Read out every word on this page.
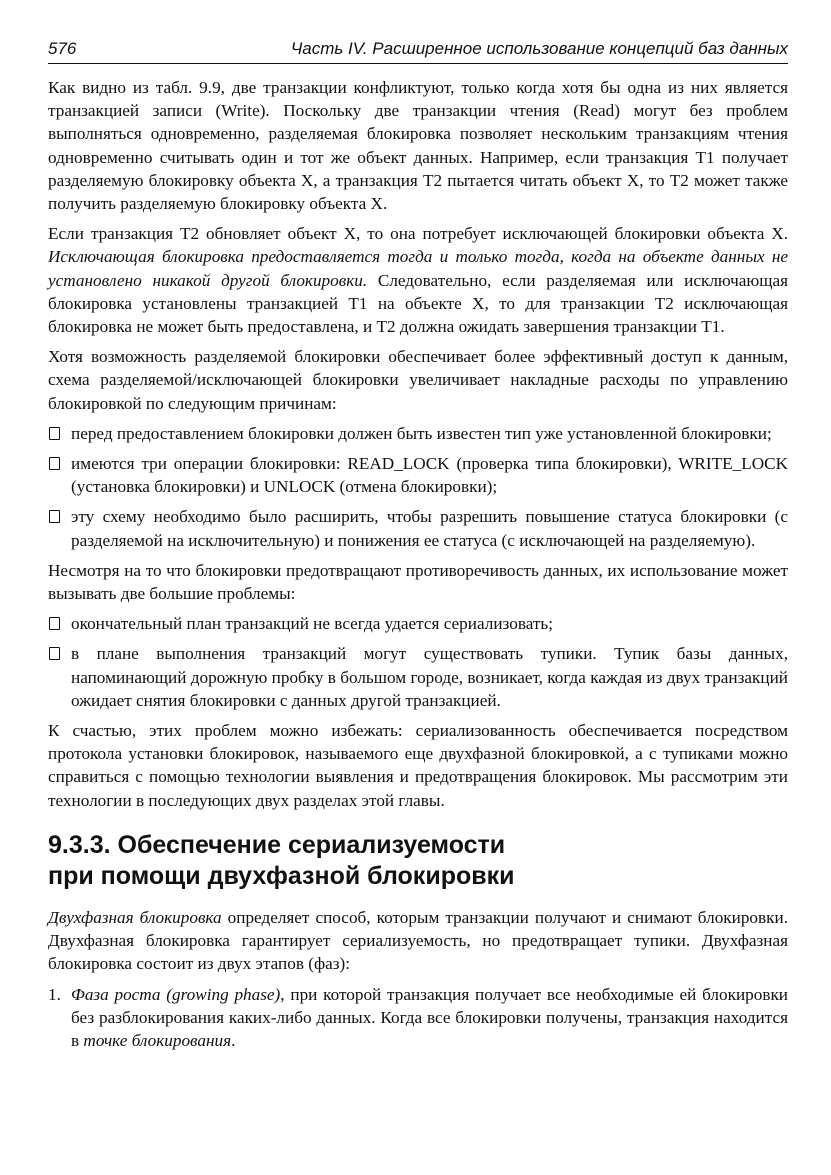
576	Часть IV. Расширенное использование концепций баз данных

Как видно из табл. 9.9, две транзакции конфликтуют, только когда хотя бы одна из них является транзакцией записи (Write). Поскольку две транзакции чтения (Read) могут без проблем выполняться одновременно, разделяемая блокировка позволяет нескольким транзакциям чтения одновременно считывать один и тот же объект данных. Например, если транзакция T1 получает разделяемую блокировку объекта X, а транзакция T2 пытается читать объект X, то T2 может также получить разделяемую блокировку объекта X.

Если транзакция T2 обновляет объект X, то она потребует исключающей блокировки объекта X. Исключающая блокировка предоставляется тогда и только тогда, когда на объекте данных не установлено никакой другой блокировки. Следовательно, если разделяемая или исключающая блокировка установлены транзакцией T1 на объекте X, то для транзакции T2 исключающая блокировка не может быть предоставлена, и T2 должна ожидать завершения транзакции T1.

Хотя возможность разделяемой блокировки обеспечивает более эффективный доступ к данным, схема разделяемой/исключающей блокировки увеличивает накладные расходы по управлению блокировкой по следующим причинам:

перед предоставлением блокировки должен быть известен тип уже установленной блокировки;
имеются три операции блокировки: READ_LOCK (проверка типа блокировки), WRITE_LOCK (установка блокировки) и UNLOCK (отмена блокировки);
эту схему необходимо было расширить, чтобы разрешить повышение статуса блокировки (с разделяемой на исключительную) и понижения ее статуса (с исключающей на разделяемую).

Несмотря на то что блокировки предотвращают противоречивость данных, их использование может вызывать две большие проблемы:

окончательный план транзакций не всегда удается сериализовать;
в плане выполнения транзакций могут существовать тупики. Тупик базы данных, напоминающий дорожную пробку в большом городе, возникает, когда каждая из двух транзакций ожидает снятия блокировки с данных другой транзакцией.

К счастью, этих проблем можно избежать: сериализованность обеспечивается посредством протокола установки блокировок, называемого еще двухфазной блокировкой, а с тупиками можно справиться с помощью технологии выявления и предотвращения блокировок. Мы рассмотрим эти технологии в последующих двух разделах этой главы.

9.3.3. Обеспечение сериализуемости
при помощи двухфазной блокировки

Двухфазная блокировка определяет способ, которым транзакции получают и снимают блокировки. Двухфазная блокировка гарантирует сериализуемость, но предотвращает тупики. Двухфазная блокировка состоит из двух этапов (фаз):

1. Фаза роста (growing phase), при которой транзакция получает все необходимые ей блокировки без разблокирования каких-либо данных. Когда все блокировки получены, транзакция находится в точке блокирования.
